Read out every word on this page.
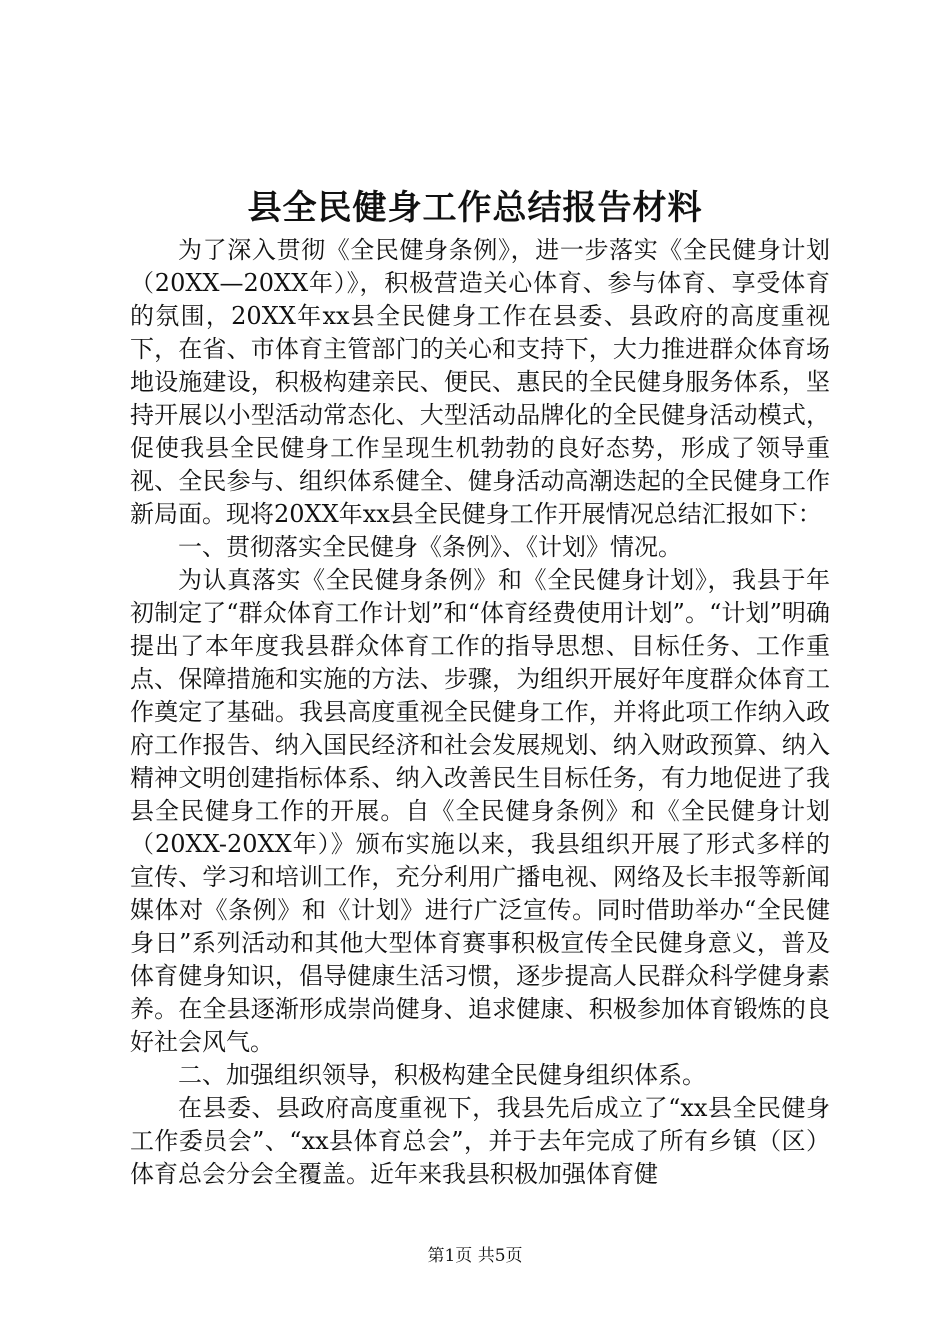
县全民健身工作总结报告材料

为了深入贯彻《全民健身条例》，进一步落实《全民健身计划（20XX—20XX年）》，积极营造关心体育、参与体育、享受体育的氛围，20XX年xx县全民健身工作在县委、县政府的高度重视下，在省、市体育主管部门的关心和支持下，大力推进群众体育场地设施建设，积极构建亲民、便民、惠民的全民健身服务体系，坚持开展以小型活动常态化、大型活动品牌化的全民健身活动模式，促使我县全民健身工作呈现生机勃勃的良好态势，形成了领导重视、全民参与、组织体系健全、健身活动高潮迭起的全民健身工作新局面。现将20XX年xx县全民健身工作开展情况总结汇报如下：

一、贯彻落实全民健身《条例》、《计划》情况。

为认真落实《全民健身条例》和《全民健身计划》，我县于年初制定了“群众体育工作计划”和“体育经费使用计划”。“计划”明确提出了本年度我县群众体育工作的指导思想、目标任务、工作重点、保障措施和实施的方法、步骤，为组织开展好年度群众体育工作奠定了基础。我县高度重视全民健身工作，并将此项工作纳入政府工作报告、纳入国民经济和社会发展规划、纳入财政预算、纳入精神文明创建指标体系、纳入改善民生目标任务，有力地促进了我县全民健身工作的开展。自《全民健身条例》和《全民健身计划（20XX-20XX年）》颁布实施以来，我县组织开展了形式多样的宣传、学习和培训工作，充分利用广播电视、网络及长丰报等新闻媒体对《条例》和《计划》进行广泛宣传。同时借助举办“全民健身日”系列活动和其他大型体育赛事积极宣传全民健身意义，普及体育健身知识，倡导健康生活习惯，逐步提高人民群众科学健身素养。在全县逐渐形成崇尚健身、追求健康、积极参加体育锻炼的良好社会风气。

二、加强组织领导，积极构建全民健身组织体系。

在县委、县政府高度重视下，我县先后成立了“xx县全民健身工作委员会”、“xx县体育总会”，并于去年完成了所有乡镇（区）体育总会分会全覆盖。近年来我县积极加强体育健

第1页 共5页
